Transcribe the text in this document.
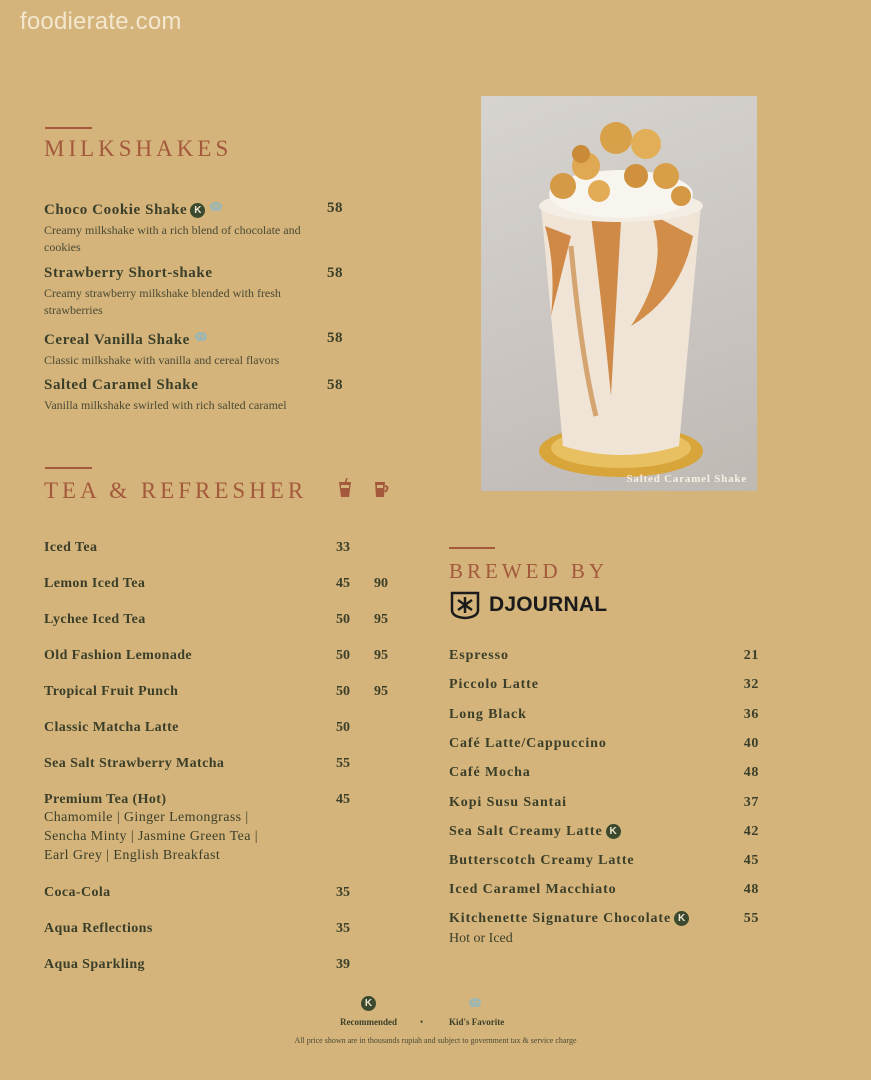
foodierate.com
MILKSHAKES
Choco Cookie Shake K
Creamy milkshake with a rich blend of chocolate and cookies
58
Strawberry Short-shake
Creamy strawberry milkshake blended with fresh strawberries
58
Cereal Vanilla Shake
Classic milkshake with vanilla and cereal flavors
58
Salted Caramel Shake
Vanilla milkshake swirled with rich salted caramel
58
Salted Caramel Shake
TEA & REFRESHER
Iced Tea	33
Lemon Iced Tea	45 90
Lychee Iced Tea	50 95
Old Fashion Lemonade	50 95
Tropical Fruit Punch	50 95
Classic Matcha Latte	50
Sea Salt Strawberry Matcha	55
Premium Tea (Hot)
Chamomile | Ginger Lemongrass |
Sencha Minty | Jasmine Green Tea |
Earl Grey | English Breakfast
45
Coca-Cola	35
Aqua Reflections	35
Aqua Sparkling	39
BREWED BY
DJOURNAL
Espresso	21
Piccolo Latte	32
Long Black	36
Café Latte/Cappuccino	40
Café Mocha	48
Kopi Susu Santai	37
Sea Salt Creamy Latte K	42
Butterscotch Creamy Latte	45
Iced Caramel Macchiato	48
Kitchenette Signature Chocolate K	55
Hot or Iced
K
Recommended	•	Kid's Favorite
All price shown are in thousands rupiah and subject to government tax & service charge
